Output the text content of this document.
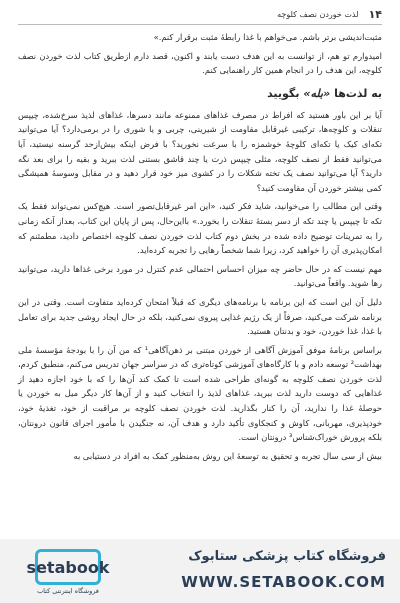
۱۴
لذت خوردن نصف کلوچه

مثبت‌اندیشی برتر باشم. می‌خواهم با غذا رابطهٔ مثبت برقرار کنم.»

امیدوارم تو هم، از توانست به این هدف دست یابند و اکنون، قصد دارم ازطریق کتاب لذت خوردن نصف کلوچه، این هدف را در انجام همین کار راهنمایی کنم.

به لذت‌ها «بله» بگویید

آیا بر این باور هستید که افراط در مصرف غذاهای ممنوعه مانند دسرها، غذاهای لذیذ سرخ‌شده، چیپس تنقلات و کلوچه‌ها، ترکیبی غیرقابل مقاومت از شیرینی، چربی و یا شوری را در برمی‌دارد؟ آیا می‌توانید تکه‌ای کیک یا تکه‌ای کلوچهٔ خوشمزه را با سرعت نخورید؟ با فرض اینکه بیش‌ازحد گرسنه نیستید، آیا می‌توانید فقط از نصف کلوچه، مثلی چیپس ذرت یا چند قاشق بستنی لذت ببرید و بقیه را برای بعد نگه دارید؟ آیا می‌توانید نصف یک تخته شکلات را در کشوی میز خود قرار دهید و در مقابل وسوسهٔ همیشگی کمی بیشتر خوردن آن مقاومت کنید؟

وقتی این مطالب را می‌خوانید، شاید فکر کنید، «این امر غیرقابل‌تصور است. هیچ‌کس نمی‌تواند فقط یک تکه تا چیپس یا چند تکه از دسر بستهٔ تنقلات را بخورد.» بااین‌حال، پس از پایان این کتاب، بعداز آنکه زمانی را به تمرینات توضیح داده شده در بخش دوم کتاب لذت خوردن نصف کلوچه اختصاص دادید، مطمئنم که امکان‌پذیری آن را خواهید کرد، زیرا شما شخصاً رهایی را تجربه کرده‌اید.

مهم نیست که در حال حاضر چه میزان احساس احتمالی عدم کنترل در مورد برخی غذاها دارید، می‌توانید رها شوید. واقعاً می‌توانید.

دلیل آن این است که این برنامه با برنامه‌های دیگری که قبلاً امتحان کرده‌اید متفاوت است. وقتی در این برنامه شرکت می‌کنید، صرفاً از یک رژیم غذایی پیروی نمی‌کنید، بلکه در حال ایجاد روشی جدید برای تعامل با غذا، غذا خوردن، خود و بدنتان هستید.

براساس برنامهٔ موفق آموزش آگاهی از خوردن مبتنی بر ذهن‌آگاهی¹ که من آن را با بودجهٔ مؤسسهٔ ملی بهداشت² توسعه دادم و با کارگاه‌های آموزشی کوتاه‌تری که در سراسر جهان تدریس می‌کنم، منطبق کردم، لذت خوردن نصف کلوچه به گونه‌ای طراحی شده است تا کمک کند آن‌ها را که با خود اجازه دهید از غذاهایی که دوست دارید لذت ببرید، غذاهای لذیذ را انتخاب کنید و از آن‌ها کار دیگر میل به خوردن یا حوصلهٔ غذا را ندارید، آن را کنار بگذارید. لذت خوردن نصف کلوچه بر مراقبت از خود، تغذیهٔ خود، خودپذیری، مهربانی، کاوش و کنجکاوی تأکید دارد و هدف آن، نه جنگیدن با مأمور اجرای قانون درونتان، بلکه پرورش خوراک‌شناس³ درونتان است.

بیش از سی سال تجربه و تحقیق به توسعهٔ این روش به‌منظور کمک به افراد در دستیابی به

setabook
فروشگاه اینترنتی کتاب
فروشگاه کتاب پزشکی ستابوک
WWW.SETABOOK.COM
